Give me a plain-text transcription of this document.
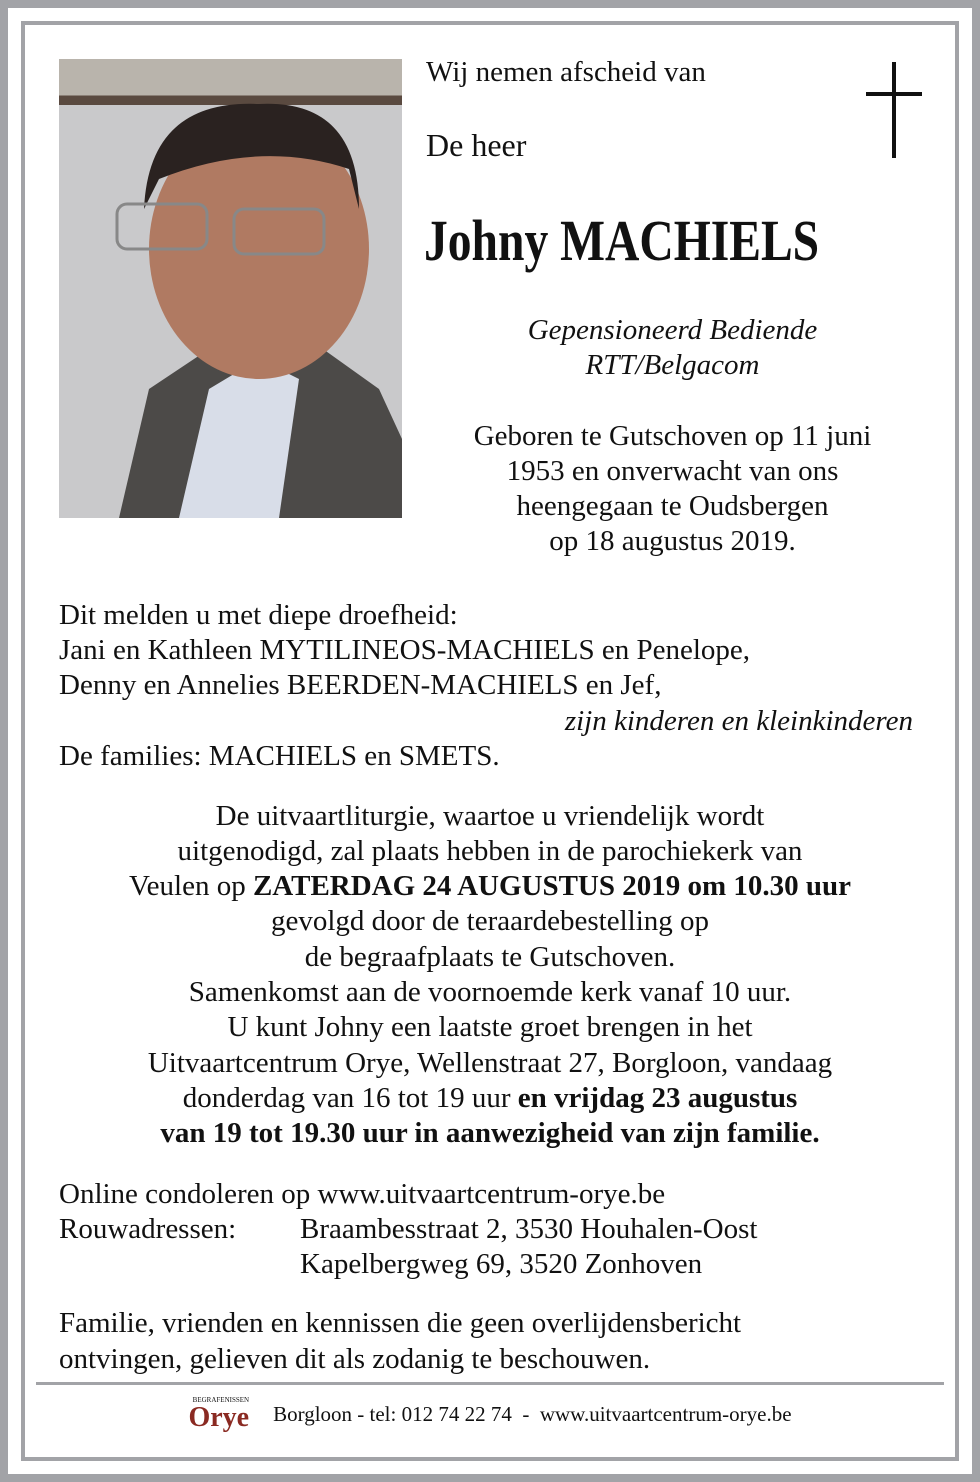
Wij nemen afscheid van
De heer
Johny MACHIELS
Gepensioneerd Bediende
RTT/Belgacom
Geboren te Gutschoven op 11 juni
1953 en onverwacht van ons
heengegaan te Oudsbergen
op 18 augustus 2019.
Dit melden u met diepe droefheid:
Jani en Kathleen MYTILINEOS-MACHIELS en Penelope,
Denny en Annelies BEERDEN-MACHIELS en Jef,
zijn kinderen en kleinkinderen
De families: MACHIELS en SMETS.
De uitvaartliturgie, waartoe u vriendelijk wordt
uitgenodigd, zal plaats hebben in de parochiekerk van
Veulen op ZATERDAG 24 AUGUSTUS 2019 om 10.30 uur
gevolgd door de teraardebestelling op
de begraafplaats te Gutschoven.
Samenkomst aan de voornoemde kerk vanaf 10 uur.
U kunt Johny een laatste groet brengen in het
Uitvaartcentrum Orye, Wellenstraat 27, Borgloon, vandaag
donderdag van 16 tot 19 uur en vrijdag 23 augustus
van 19 tot 19.30 uur in aanwezigheid van zijn familie.
Online condoleren op www.uitvaartcentrum-orye.be
Rouwadressen: Braambesstraat 2, 3530 Houhalen-Oost
Kapelbergweg 69, 3520 Zonhoven
Familie, vrienden en kennissen die geen overlijdensbericht
ontvingen, gelieven dit als zodanig te beschouwen.
BEGRAFENISSEN
Orye Borgloon - tel: 012 74 22 74  -  www.uitvaartcentrum-orye.be
